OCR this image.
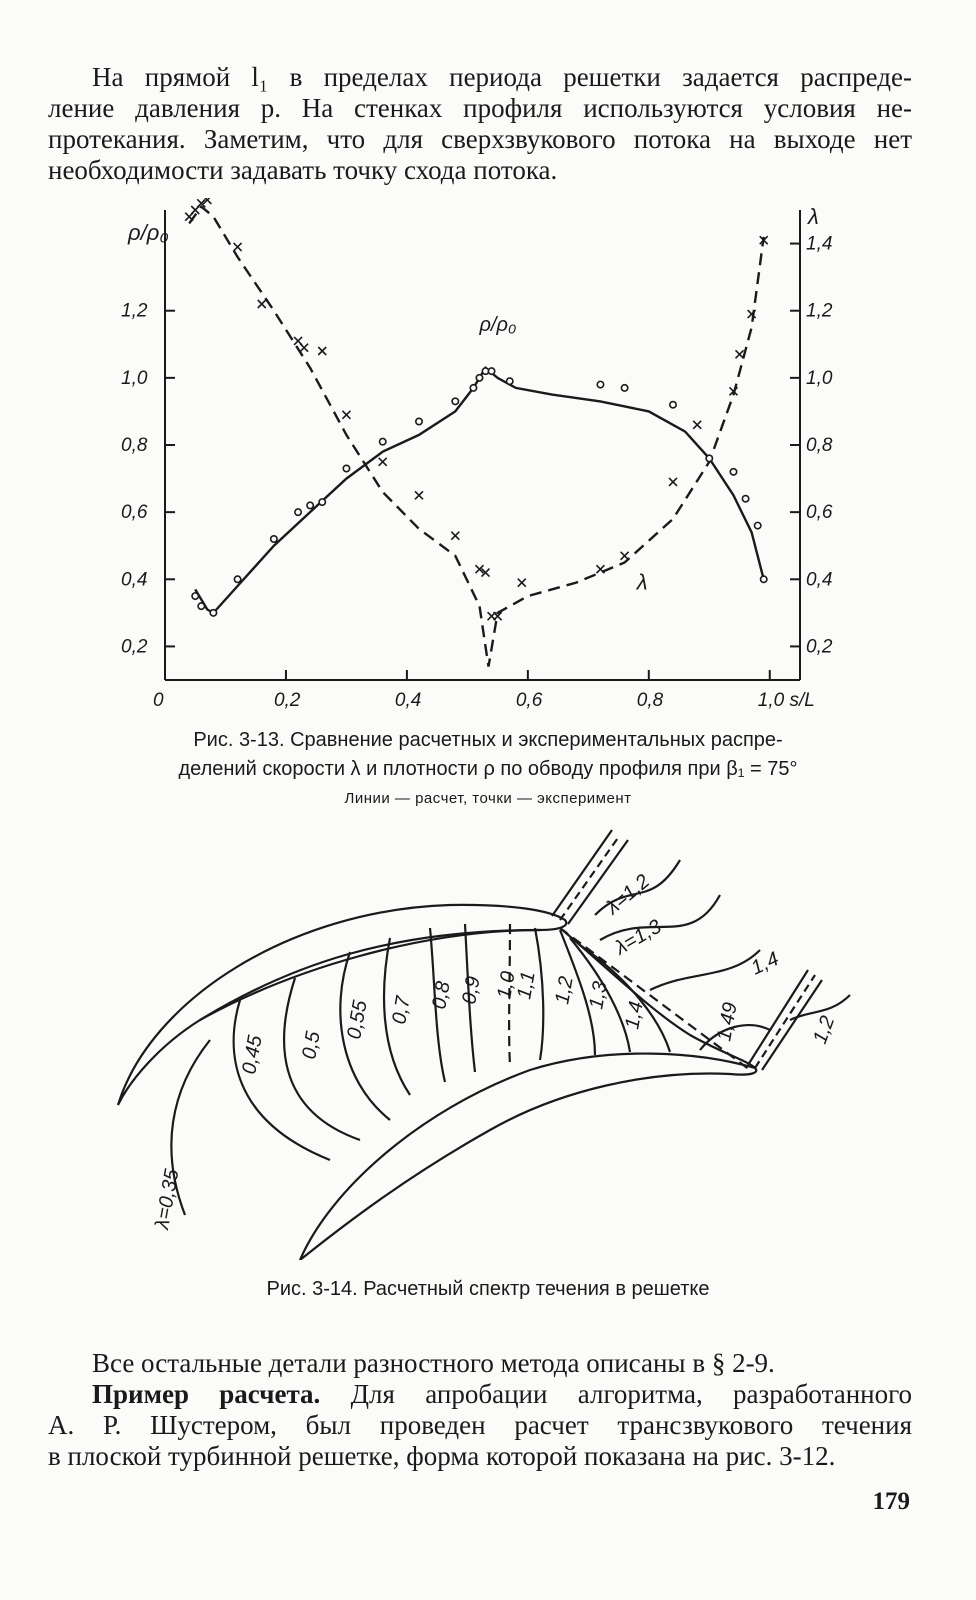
На прямой l₁ в пределах периода решетки задается распреде-
ление давления p. На стенках профиля используются условия не-
протекания. Заметим, что для сверхзвукового потока на выходе нет
необходимости задавать точку схода потока.
0	0,2	0,4	0,6	0,8	1,0 s/L
0,2
0,4
0,6
0,8
1,0
1,2
0,2
0,4
0,6
0,8
1,0
1,2
1,4
ρ/ρ₀
λ
ρ/ρ₀
λ
Рис. 3-13. Сравнение расчетных и экспериментальных распре-
делений скорости λ и плотности ρ по обводу профиля при β₁ = 75°
Линии — расчет, точки — эксперимент
λ=0,35
0,45 0,5
0,55 0,7 0,8 0,9 1,0
1,1 1,2 1,3
1,4	1,49
λ=1,2
λ=1,3
1,4
1,2
Рис. 3-14. Расчетный спектр течения в решетке
Все остальные детали разностного метода описаны в § 2-9.
Пример расчета. Для апробации алгоритма, разработанного
А. Р. Шустером, был проведен расчет трансзвукового течения
в плоской турбинной решетке, форма которой показана на рис. 3-12.
179
